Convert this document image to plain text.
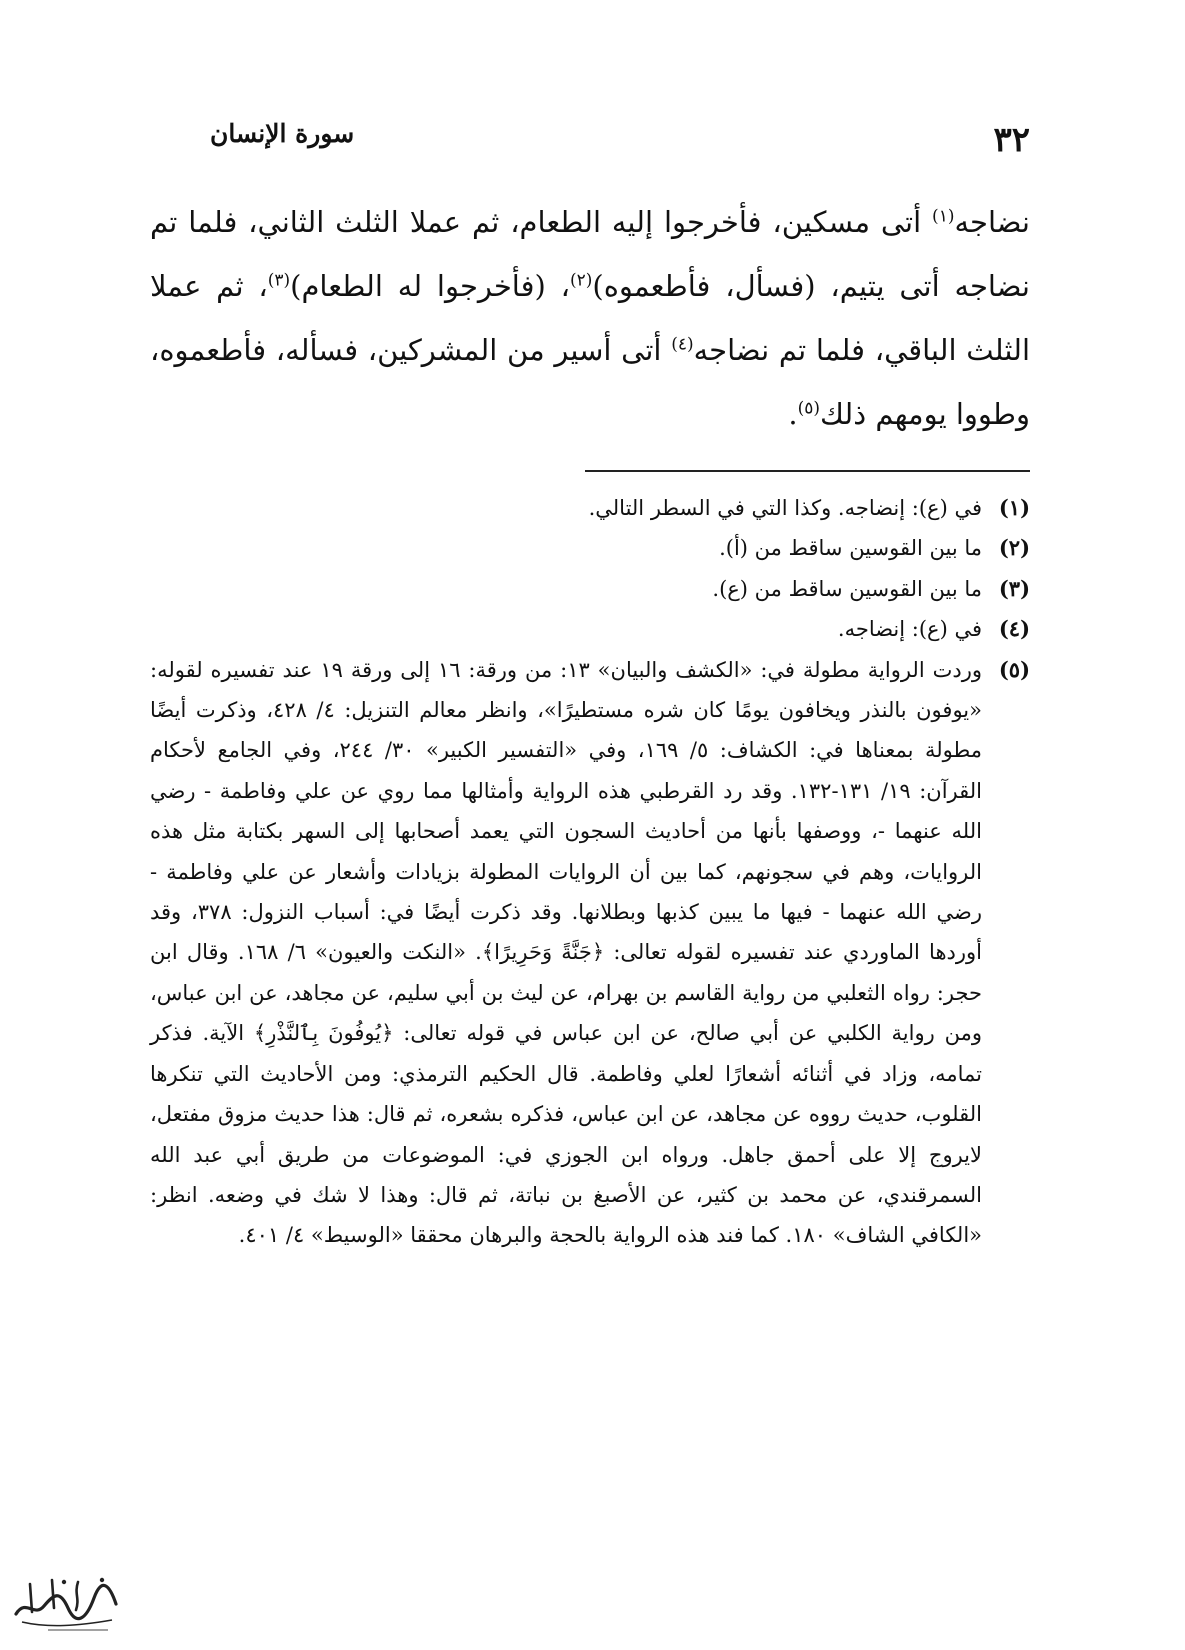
٣٢
سورة الإنسان

نضاجه$^{(١)}$ أتى مسكين، فأخرجوا إليه الطعام، ثم عملا الثلث الثاني، فلما تم نضاجه أتى يتيم، (فسأل، فأطعموه)$^{(٢)}$، (فأخرجوا له الطعام)$^{(٣)}$، ثم عملا الثلث الباقي، فلما تم نضاجه$^{(٤)}$ أتى أسير من المشركين، فسأله، فأطعموه، وطووا يومهم ذلك$^{(٥)}$.

(١)
في (ع): إنضاجه. وكذا التي في السطر التالي.
(٢)
ما بين القوسين ساقط من (أ).
(٣)
ما بين القوسين ساقط من (ع).
(٤)
في (ع): إنضاجه.
(٥)
وردت الرواية مطولة في: «الكشف والبيان» ١٣: من ورقة: ١٦ إلى ورقة ١٩ عند تفسيره لقوله: «يوفون بالنذر ويخافون يومًا كان شره مستطيرًا»، وانظر معالم التنزيل: ٤/ ٤٢٨، وذكرت أيضًا مطولة بمعناها في: الكشاف: ٥/ ١٦٩، وفي «التفسير الكبير» ٣٠/ ٢٤٤، وفي الجامع لأحكام القرآن: ١٩/ ١٣١-١٣٢. وقد رد القرطبي هذه الرواية وأمثالها مما روي عن علي وفاطمة - رضي الله عنهما -، ووصفها بأنها من أحاديث السجون التي يعمد أصحابها إلى السهر بكتابة مثل هذه الروايات، وهم في سجونهم، كما بين أن الروايات المطولة بزيادات وأشعار عن علي وفاطمة - رضي الله عنهما - فيها ما يبين كذبها وبطلانها. وقد ذكرت أيضًا في: أسباب النزول: ٣٧٨، وقد أوردها الماوردي عند تفسيره لقوله تعالى: ﴿جَنَّةً وَحَرِيرًا﴾. «النكت والعيون» ٦/ ١٦٨. وقال ابن حجر: رواه الثعلبي من رواية القاسم بن بهرام، عن ليث بن أبي سليم، عن مجاهد، عن ابن عباس، ومن رواية الكلبي عن أبي صالح، عن ابن عباس في قوله تعالى: ﴿يُوفُونَ بِٱلنَّذْرِ﴾ الآية. فذكر تمامه، وزاد في أثنائه أشعارًا لعلي وفاطمة. قال الحكيم الترمذي: ومن الأحاديث التي تنكرها القلوب، حديث رووه عن مجاهد، عن ابن عباس، فذكره بشعره، ثم قال: هذا حديث مزوق مفتعل، لايروج إلا على أحمق جاهل. ورواه ابن الجوزي في: الموضوعات من طريق أبي عبد الله السمرقندي، عن محمد بن كثير، عن الأصبغ بن نباتة، ثم قال: وهذا لا شك في وضعه. انظر: «الكافي الشاف» ١٨٠. كما فند هذه الرواية بالحجة والبرهان محققا «الوسيط» ٤/ ٤٠١.
